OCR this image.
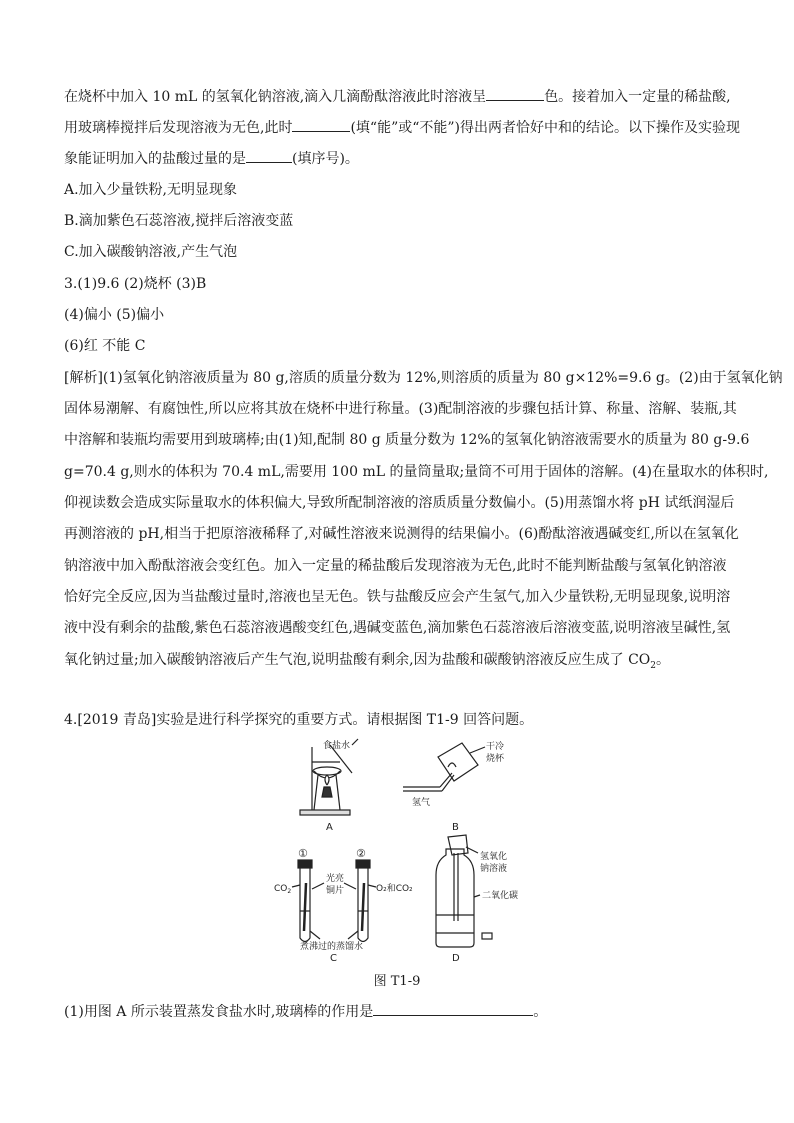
在烧杯中加入 10 mL 的氢氧化钠溶液,滴入几滴酚酞溶液此时溶液呈	色。接着加入一定量的稀盐酸,
用玻璃棒搅拌后发现溶液为无色,此时	(填“能”或“不能”)得出两者恰好中和的结论。以下操作及实验现
象能证明加入的盐酸过量的是	(填序号)。
A.加入少量铁粉,无明显现象
B.滴加紫色石蕊溶液,搅拌后溶液变蓝
C.加入碳酸钠溶液,产生气泡
3.(1)9.6 (2)烧杯 (3)B
(4)偏小 (5)偏小
(6)红 不能 C
[解析](1)氢氧化钠溶液质量为 80 g,溶质的质量分数为 12%,则溶质的质量为 80 g×12%=9.6 g。(2)由于氢氧化钠
固体易潮解、有腐蚀性,所以应将其放在烧杯中进行称量。(3)配制溶液的步骤包括计算、称量、溶解、装瓶,其
中溶解和装瓶均需要用到玻璃棒;由(1)知,配制 80 g 质量分数为 12%的氢氧化钠溶液需要水的质量为 80 g-9.6
g=70.4 g,则水的体积为 70.4 mL,需要用 100 mL 的量筒量取;量筒不可用于固体的溶解。(4)在量取水的体积时,
仰视读数会造成实际量取水的体积偏大,导致所配制溶液的溶质质量分数偏小。(5)用蒸馏水将 pH 试纸润湿后
再测溶液的 pH,相当于把原溶液稀释了,对碱性溶液来说测得的结果偏小。(6)酚酞溶液遇碱变红,所以在氢氧化
钠溶液中加入酚酞溶液会变红色。加入一定量的稀盐酸后发现溶液为无色,此时不能判断盐酸与氢氧化钠溶液
恰好完全反应,因为当盐酸过量时,溶液也呈无色。铁与盐酸反应会产生氢气,加入少量铁粉,无明显现象,说明溶
液中没有剩余的盐酸,紫色石蕊溶液遇酸变红色,遇碱变蓝色,滴加紫色石蕊溶液后溶液变蓝,说明溶液呈碱性,氢
氧化钠过量;加入碳酸钠溶液后产生气泡,说明盐酸有剩余,因为盐酸和碳酸钠溶液反应生成了 $CO_2$。
4.[2019 青岛]实验是进行科学探究的重要方式。请根据图 T1-9 回答问题。
食盐水
A
干冷
烧杯
氢气
B
①	②
$CO_2$	O₂和CO₂
光亮
铜片
煮沸过的蒸馏水
C
氢氧化
钠溶液
二氧化碳
D
图 T1-9
(1)用图 A 所示装置蒸发食盐水时,玻璃棒的作用是	。
